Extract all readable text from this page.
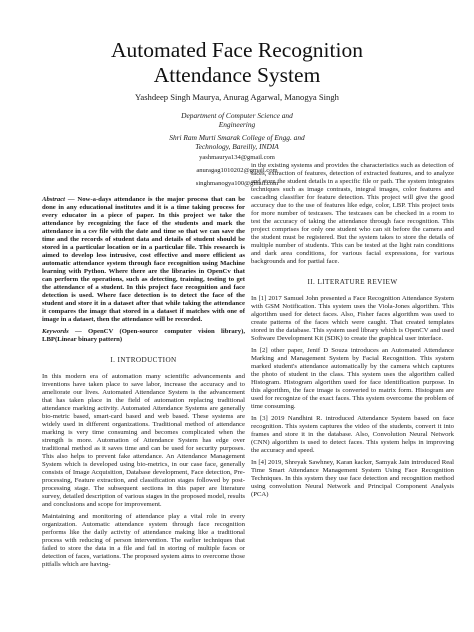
Automated Face Recognition
Attendance System
Yashdeep Singh Maurya, Anurag Agarwal, Manogya Singh
Department of Computer Science and
Engineering
Shri Ram Murti Smarak College of Engg. and
Technology, Bareilly, INDIA
yashmaurya134@gmail.com
anuragag1010202@gmail.com
singhmanogya100@gmail.com

Abstract — Now-a-days attendance is the major process that can be done in any educational institutes and it is a time taking process for every educator in a piece of paper. In this project we take the attendance by recognizing the face of the students and mark the attendance in a csv file with the date and time so that we can save the time and the records of student data and details of student should be stored in a particular location or in a particular file. This research is aimed to develop less intrusive, cost effective and more efficient as automatic attendance system through face recognition using Machine learning with Python. Where there are the libraries in OpenCv that can perform the operations, such as detecting, training, testing to get the attendance of a student. In this project face recognition and face detection is used. Where face detection is to detect the face of the student and store it in a dataset after that while taking the attendance it compares the image that stored in a dataset if matches with one of image in a dataset, then the attendance will be recorded.

Keywords — OpenCV (Open-source computer vision library), LBP(Linear binary pattern)

I. INTRODUCTION

In this modern era of automation many scientific advancements and inventions have taken place to save labor, increase the accuracy and to ameliorate our lives. Automated Attendance System is the advancement that has taken place in the field of automation replacing traditional attendance marking activity. Automated Attendance Systems are generally bio-metric based, smart-card based and web based. These systems are widely used in different organizations. Traditional method of attendance marking is very time consuming and becomes complicated when the strength is more. Automation of Attendance System has edge over traditional method as it saves time and can be used for security purposes. This also helps to prevent fake attendance. An Attendance Management System which is developed using bio-metrics, in our case face, generally consists of Image Acquisition, Database development, Face detection, Pre-processing, Feature extraction, and classification stages followed by post-processing stage. The subsequent sections in this paper are literature survey, detailed description of various stages in the proposed model, results and conclusions and scope for improvement.

Maintaining and monitoring of attendance play a vital role in every organization. Automatic attendance system through face recognition performs like the daily activity of attendance making like a traditional process with reducing of person intervention. The earlier techniques that failed to store the data in a file and fail in storing of multiple faces or detection of faces, variations. The proposed system aims to overcome those pitfalls which are having-

in the existing systems and provides the characteristics such as detection of faces, extraction of features, detection of extracted features, and to analyze and store the student details in a specific file or path. The system integrates techniques such as image contrasts, integral images, color features and cascading classifier for feature detection. This project will give the good accuracy due to the use of features like edge, color, LBP. This project tests for more number of testcases. The testcases can be checked in a room to test the accuracy of taking the attendance through face recognition. This project comprises for only one student who can sit before the camera and the student must be registered. But the system takes to store the details of multiple number of students. This can be tested at the light rain conditions and dark area conditions, for various facial expressions, for various backgrounds and for partial face.

II. LITERATURE REVIEW

In [1] 2017 Samuel John presented a Face Recognition Attendance System with GSM Notification. This system uses the Viola-Jones algorithm. This algorithm used for detect faces. Also, Fisher faces algorithm was used to create patterns of the faces which were caught. That created templates stored in the database. This system used library which is OpenCV and used Software Development Kit (SDK) to create the graphical user interface.

In [2] other paper, Jenif D Souza introduces an Automated Attendance Marking and Management System by Facial Recognition. This system marked student's attendance automatically by the camera which captures the photo of student in the class. This system uses the algorithm called Histogram. Histogram algorithm used for face identification purpose. In this algorithm, the face image is converted to matrix form. Histogram are used for recognize of the exact faces. This system overcome the problem of time consuming.

In [3] 2019 Nandhini R. introduced Attendance System based on face recognition. This system captures the video of the students, convert it into frames and store it in the database. Also, Convolution Neural Network (CNN) algorithm is used to detect faces. This system helps in improving the accuracy and speed.

In [4] 2019, Shreyak Sawhney, Karan kacker, Samyak Jain introduced Real Time Smart Attendance Management System Using Face Recognition Techniques. In this system they use face detection and recognition method using convolution Neural Network and Principal Component Analysis (PCA)
